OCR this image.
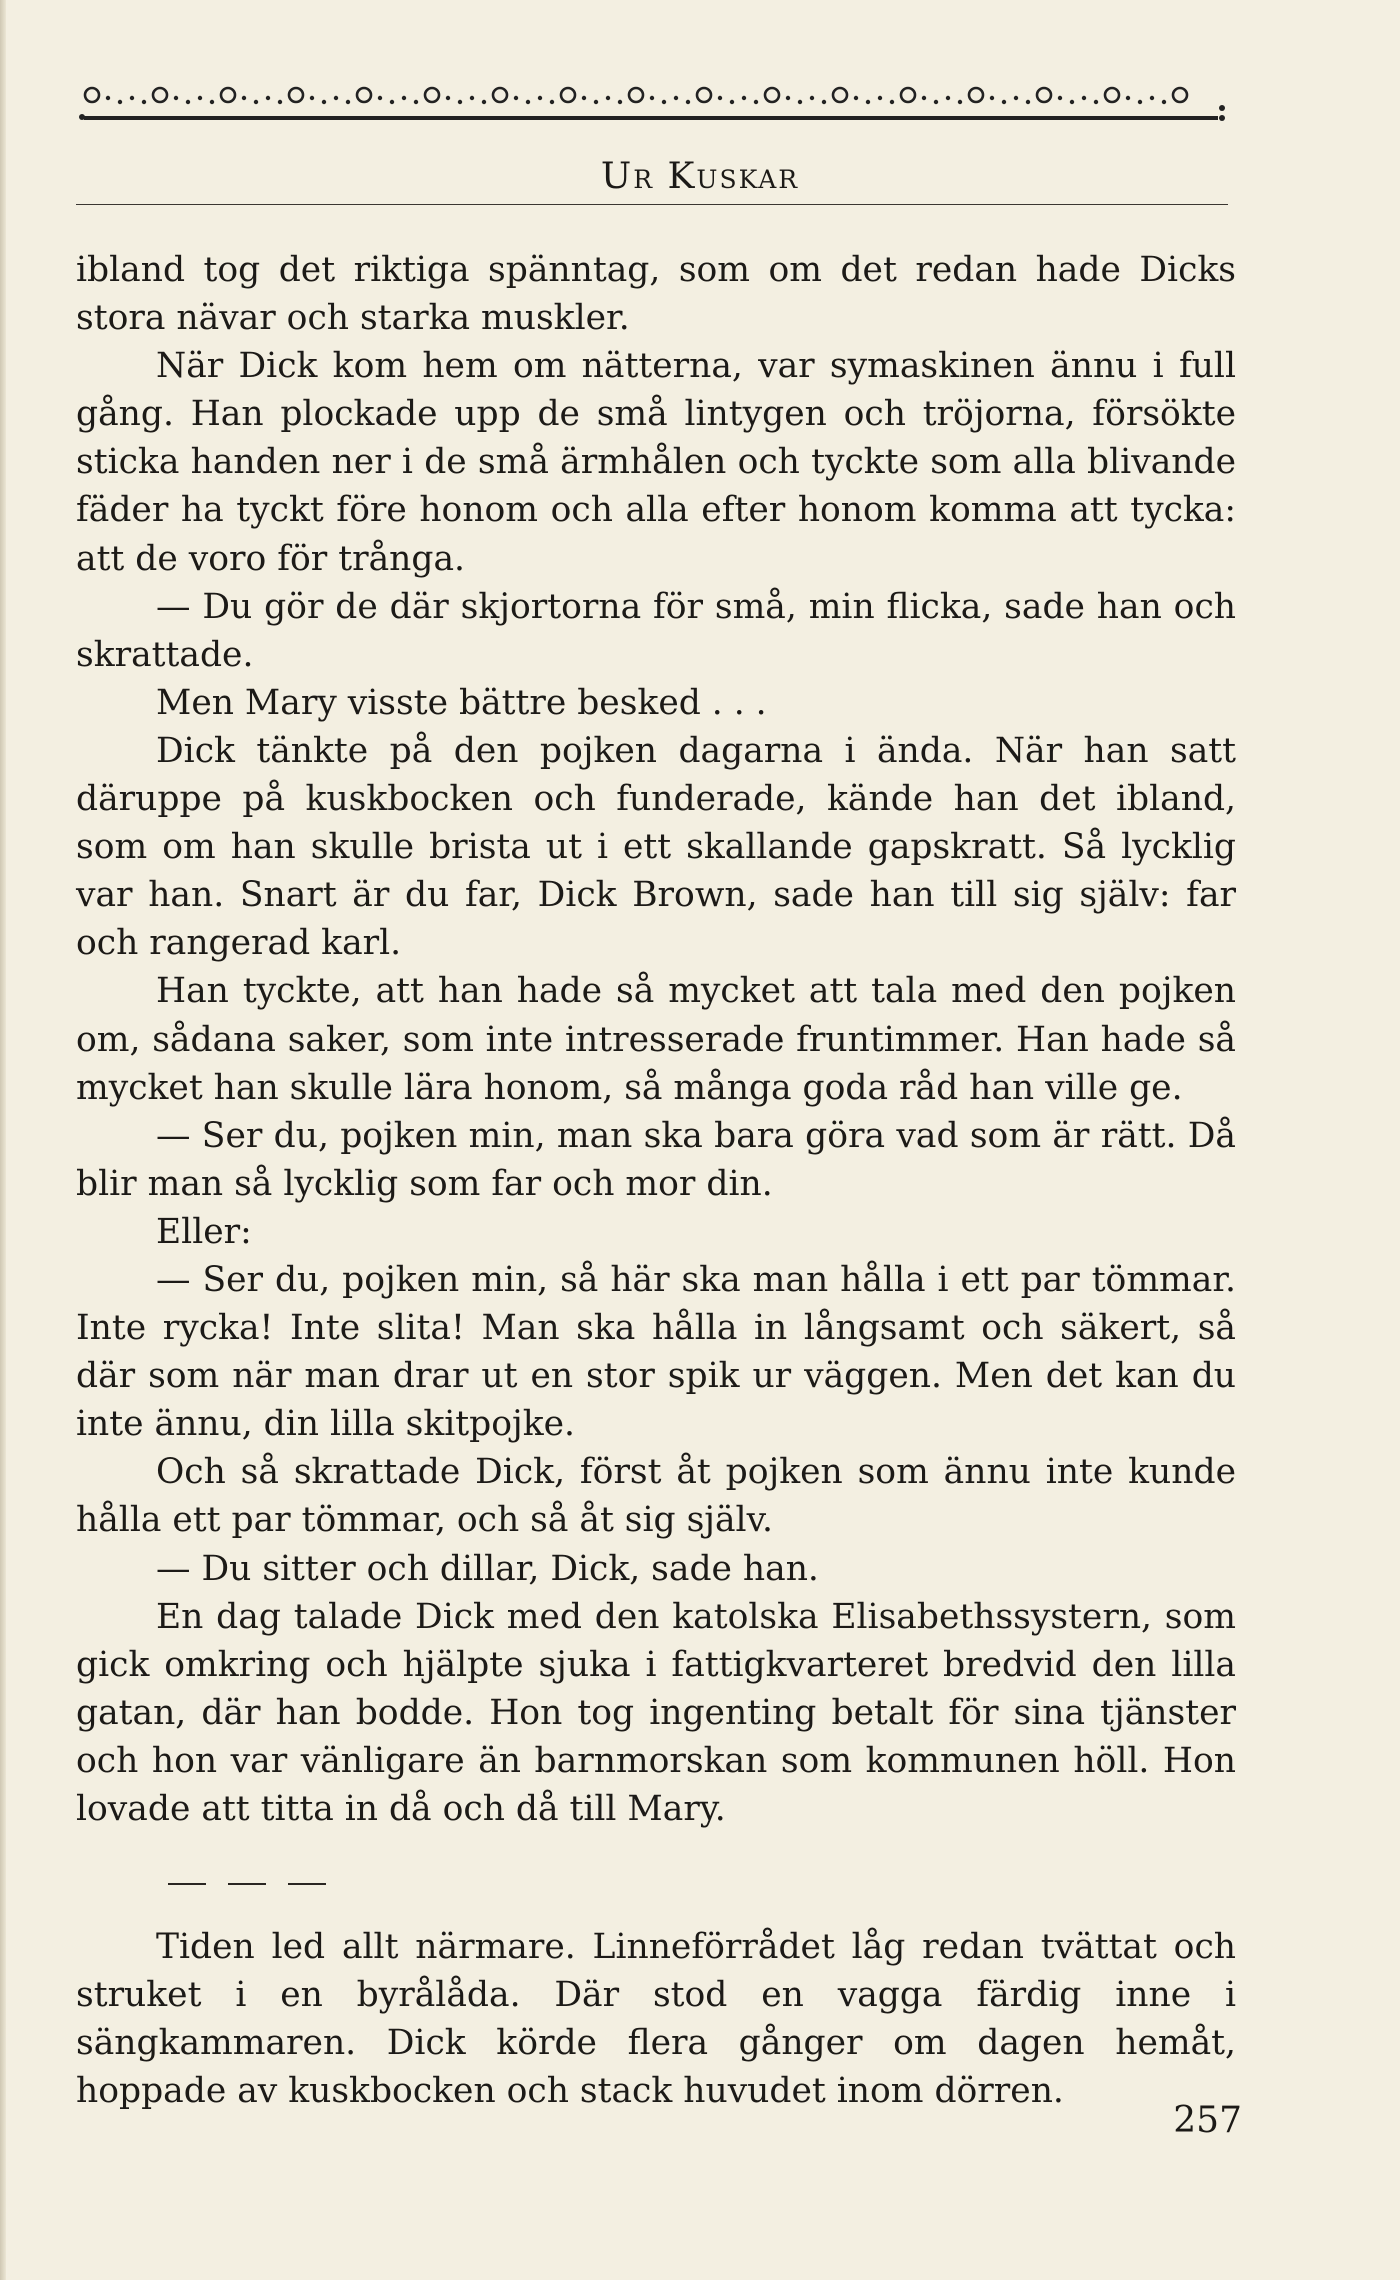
Ur Kuskar

ibland tog det riktiga spänntag, som om det redan hade Dicks stora nävar och starka muskler.

När Dick kom hem om nätterna, var symaskinen ännu i full gång. Han plockade upp de små lintygen och tröjorna, försökte sticka handen ner i de små ärmhålen och tyckte som alla blivande fäder ha tyckt före honom och alla efter honom komma att tycka: att de voro för trånga.

— Du gör de där skjortorna för små, min flicka, sade han och skrattade.

Men Mary visste bättre besked . . .

Dick tänkte på den pojken dagarna i ända. När han satt däruppe på kuskbocken och funderade, kände han det ibland, som om han skulle brista ut i ett skallande gapskratt. Så lycklig var han. Snart är du far, Dick Brown, sade han till sig själv: far och rangerad karl.

Han tyckte, att han hade så mycket att tala med den pojken om, sådana saker, som inte intresserade fruntimmer. Han hade så mycket han skulle lära honom, så många goda råd han ville ge.

— Ser du, pojken min, man ska bara göra vad som är rätt. Då blir man så lycklig som far och mor din.

Eller:

— Ser du, pojken min, så här ska man hålla i ett par tömmar. Inte rycka! Inte slita! Man ska hålla in långsamt och säkert, så där som när man drar ut en stor spik ur väggen. Men det kan du inte ännu, din lilla skitpojke.

Och så skrattade Dick, först åt pojken som ännu inte kunde hålla ett par tömmar, och så åt sig själv.

— Du sitter och dillar, Dick, sade han.

En dag talade Dick med den katolska Elisabethssystern, som gick omkring och hjälpte sjuka i fattigkvarteret bredvid den lilla gatan, där han bodde. Hon tog ingenting betalt för sina tjänster och hon var vänligare än barnmorskan som kommunen höll. Hon lovade att titta in då och då till Mary.

Tiden led allt närmare. Linneförrådet låg redan tvättat och struket i en byrålåda. Där stod en vagga färdig inne i sängkammaren. Dick körde flera gånger om dagen hemåt, hoppade av kuskbocken och stack huvudet inom dörren.

257
